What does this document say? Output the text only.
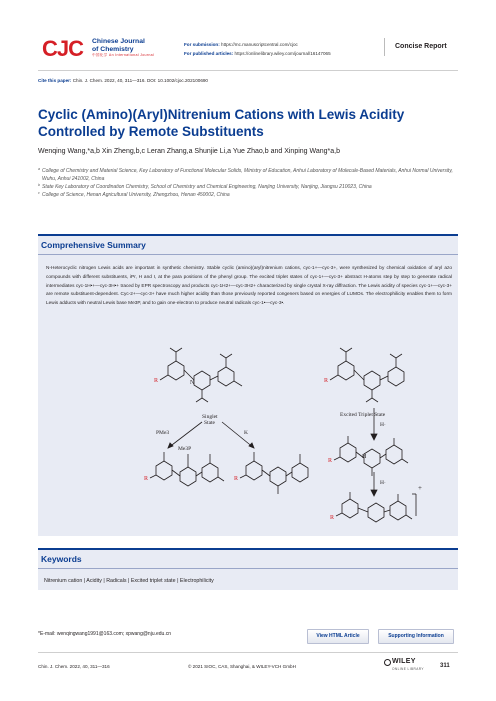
CJC Chinese Journal
of Chemistry
中国化学 An International Journal
For submission: https://mc.manuscriptcentral.com/cjoc
For published articles: https://onlinelibrary.wiley.com/journal/16147065
Concise Report
Cite this paper: Chin. J. Chem. 2022, 40, 311—316. DOI: 10.1002/cjoc.202100690
Cyclic (Amino)(Aryl)Nitrenium Cations with Lewis Acidity Controlled by Remote Substituents
Wenqing Wang,*a,b Xin Zheng,b,c Leran Zhang,a Shunjie Li,a Yue Zhao,b and Xinping Wang*a,b
a College of Chemistry and Material Science, Key Laboratory of Functional Molecular Solids, Ministry of Education, Anhui Laboratory of Molecule-Based Materials, Anhui Normal University, Wuhu, Anhui 241002, China
b State Key Laboratory of Coordination Chemistry, School of Chemistry and Chemical Engineering, Nanjing University, Nanjing, Jiangsu 210023, China
c College of Science, Henan Agricultural University, Zhengzhou, Henan 450002, China
Comprehensive Summary

N-Heterocyclic nitrogen Lewis acids are important in synthetic chemistry. Stable cyclic (amino)(aryl)nitrenium cations, cyc-1+—cyc-3+, were synthesized by chemical oxidation of aryl azo compounds with different substituents, iPr, H and I, at the para positions of the phenyl group. The excited triplet states of cyc-1+—cyc-3+ abstract H-atoms step by step to generate radical intermediates cyc-1H•+—cyc-3H•+ traced by EPR spectroscopy and products cyc-1H2+—cyc-3H2+ characterized by single crystal X-ray diffraction. The Lewis acidity of species cyc-1+—cyc-3+ are remote substituent-dependent. Cyc-2+—cyc-3+ have much higher acidity than those previously reported congeners based on energies of LUMOs. The electrophilicity enables them to form Lewis adducts with neutral Lewis base Me3P, and to gain one-electron to produce neutral radicals cyc-1•—cyc-3•.

Singlet
State
Excited Triplet State
PMe3	K
H·
H·
Me3P
N
H
+
R	R
R	R
R
R
Keywords
Nitrenium cation | Acidity | Radicals | Excited triplet state | Electrophilicity
*E-mail: wenqingwang1991@163.com; xpwang@nju.edu.cn	View HTML Article	Supporting Information
Chin. J. Chem. 2022, 40, 311—316	© 2021 SIOC, CAS, Shanghai, & WILEY-VCH GmbH
WILEY
ONLINE LIBRARY	311
